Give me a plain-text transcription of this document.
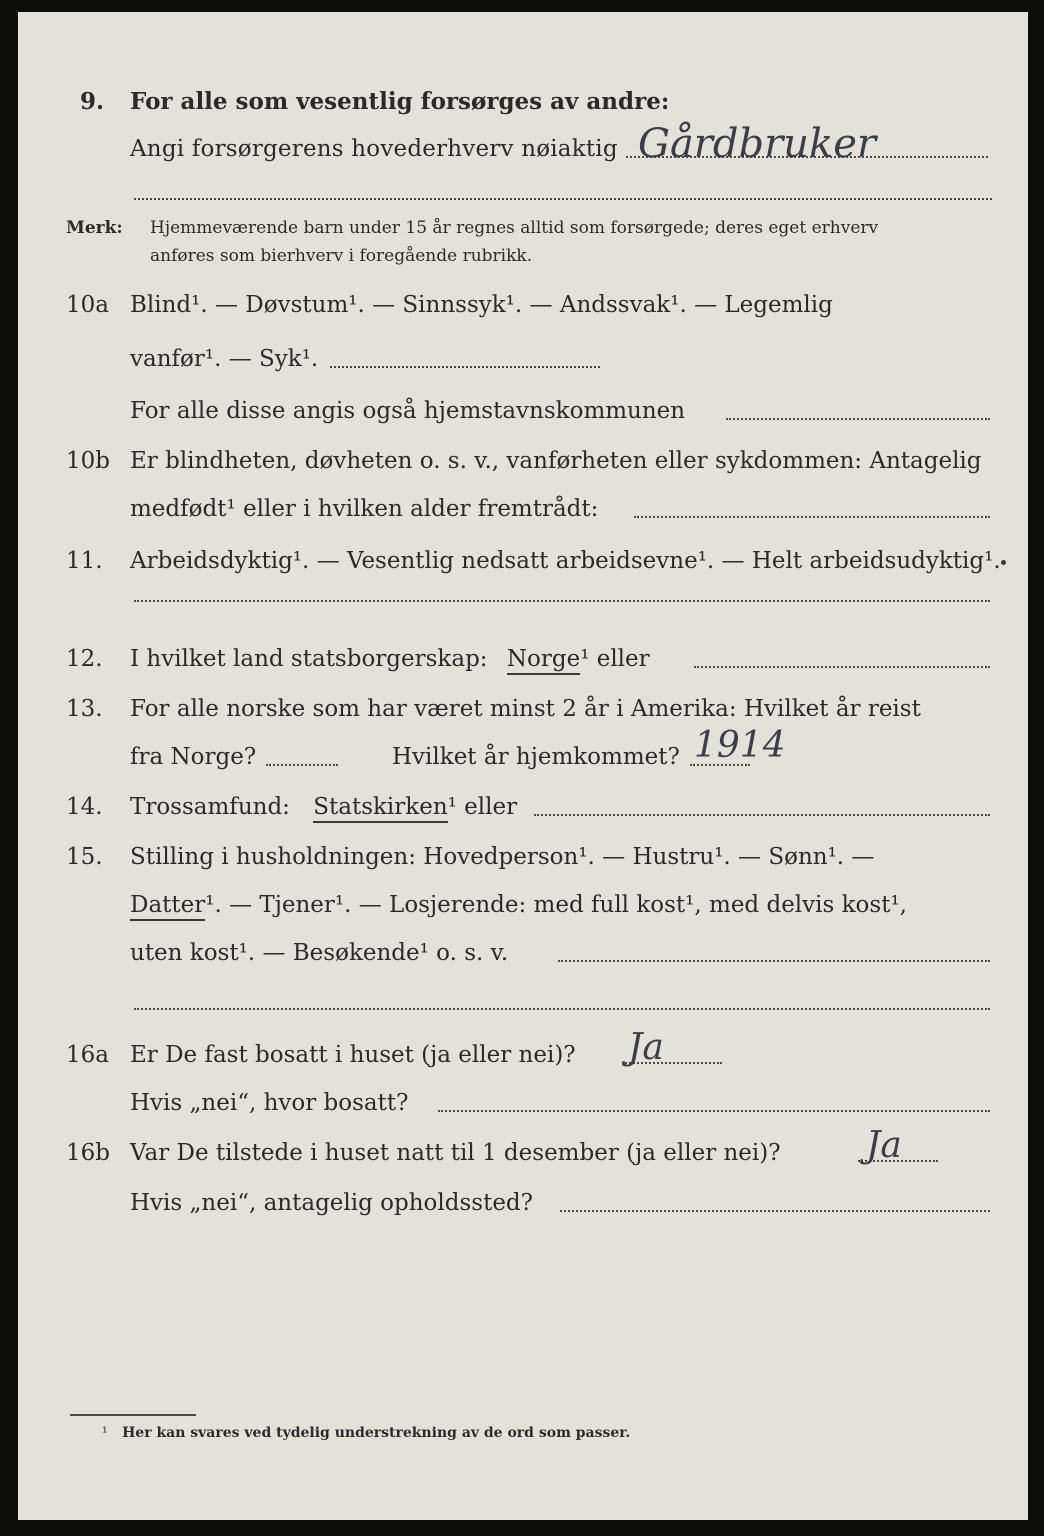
9. For alle som vesentlig forsørges av andre:
Angi forsørgerens hovederhverv nøiaktig Gårdbruker
Merk: Hjemmeværende barn under 15 år regnes alltid som forsørgede; deres eget erhverv
anføres som bierhverv i foregående rubrikk.
10a Blind¹. — Døvstum¹. — Sinnssyk¹. — Andssvak¹. — Legemlig
vanfør¹. — Syk¹.
For alle disse angis også hjemstavnskommunen
10b Er blindheten, døvheten o. s. v., vanførheten eller sykdommen: Antagelig
medfødt¹ eller i hvilken alder fremtrådt:
11. Arbeidsdyktig¹. — Vesentlig nedsatt arbeidsevne¹. — Helt arbeidsudyktig¹.
12. I hvilket land statsborgerskap: Norge¹ eller
13. For alle norske som har været minst 2 år i Amerika: Hvilket år reist
fra Norge?	Hvilket år hjemkommet? 1914
14. Trossamfund: Statskirken¹ eller
15. Stilling i husholdningen: Hovedperson¹. — Hustru¹. — Sønn¹. —
Datter¹. — Tjener¹. — Losjerende: med full kost¹, med delvis kost¹,
uten kost¹. — Besøkende¹ o. s. v.
16a Er De fast bosatt i huset (ja eller nei)? Ja
Hvis „nei“, hvor bosatt?
16b Var De tilstede i huset natt til 1 desember (ja eller nei)? Ja
Hvis „nei“, antagelig opholdssted?
¹ Her kan svares ved tydelig understrekning av de ord som passer.
